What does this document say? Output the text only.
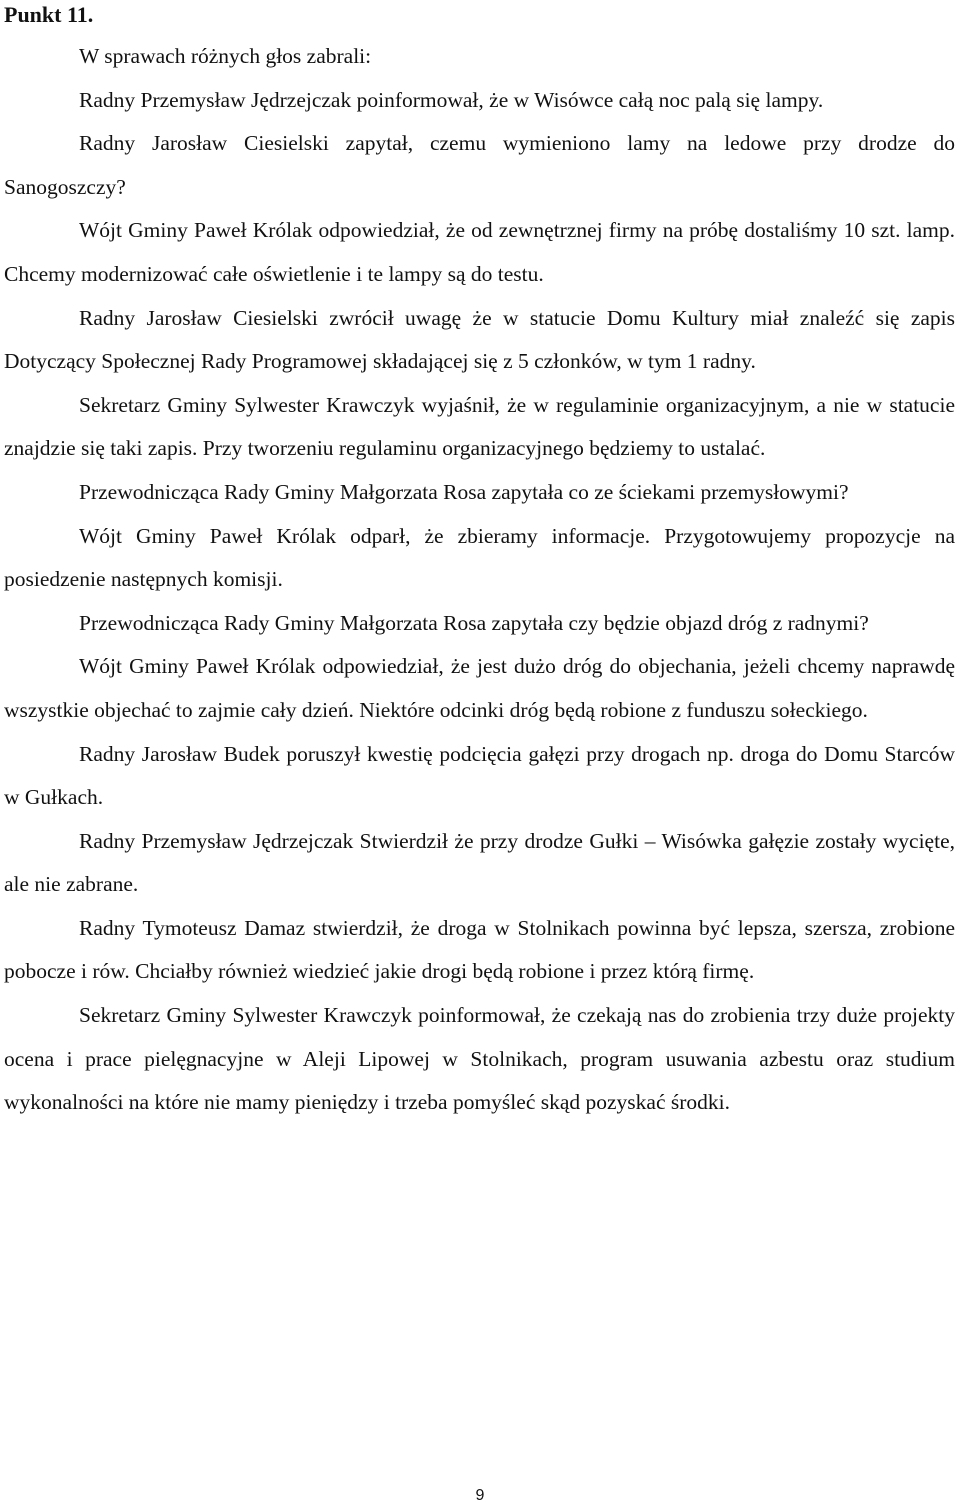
Punkt 11.

W sprawach różnych głos zabrali:

Radny Przemysław Jędrzejczak poinformował, że w Wisówce całą noc palą się lampy.

Radny Jarosław Ciesielski zapytał, czemu wymieniono lamy na ledowe przy drodze do Sanogoszczy?

Wójt Gminy Paweł Królak odpowiedział, że od zewnętrznej firmy na próbę dostaliśmy 10 szt. lamp. Chcemy modernizować całe oświetlenie i te lampy są do testu.

Radny Jarosław Ciesielski zwrócił uwagę że w statucie Domu Kultury miał znaleźć się zapis Dotyczący Społecznej Rady Programowej składającej się z 5 członków, w tym 1 radny.

Sekretarz Gminy Sylwester Krawczyk wyjaśnił, że w regulaminie organizacyjnym, a nie w statucie znajdzie się taki zapis. Przy tworzeniu regulaminu organizacyjnego będziemy to ustalać.

Przewodnicząca Rady Gminy Małgorzata Rosa zapytała co ze ściekami przemysłowymi?

Wójt Gminy Paweł Królak odparł, że zbieramy informacje. Przygotowujemy propozycje na posiedzenie następnych komisji.

Przewodnicząca Rady Gminy Małgorzata Rosa zapytała czy będzie objazd dróg z radnymi?

Wójt Gminy Paweł Królak odpowiedział, że jest dużo dróg do objechania, jeżeli chcemy naprawdę wszystkie objechać to zajmie cały dzień. Niektóre odcinki dróg będą robione z funduszu sołeckiego.

Radny Jarosław Budek poruszył kwestię podcięcia gałęzi przy drogach np. droga do Domu Starców w Gułkach.

Radny Przemysław Jędrzejczak Stwierdził że przy drodze Gułki – Wisówka gałęzie zostały wycięte, ale nie zabrane.

Radny Tymoteusz Damaz stwierdził, że droga w Stolnikach powinna być lepsza, szersza, zrobione pobocze i rów. Chciałby również wiedzieć jakie drogi będą robione i przez którą firmę.

Sekretarz Gminy Sylwester Krawczyk poinformował, że czekają nas do zrobienia trzy duże projekty ocena i prace pielęgnacyjne w Aleji Lipowej w Stolnikach, program usuwania azbestu oraz studium wykonalności na które nie mamy pieniędzy i trzeba pomyśleć skąd pozyskać środki.

9
